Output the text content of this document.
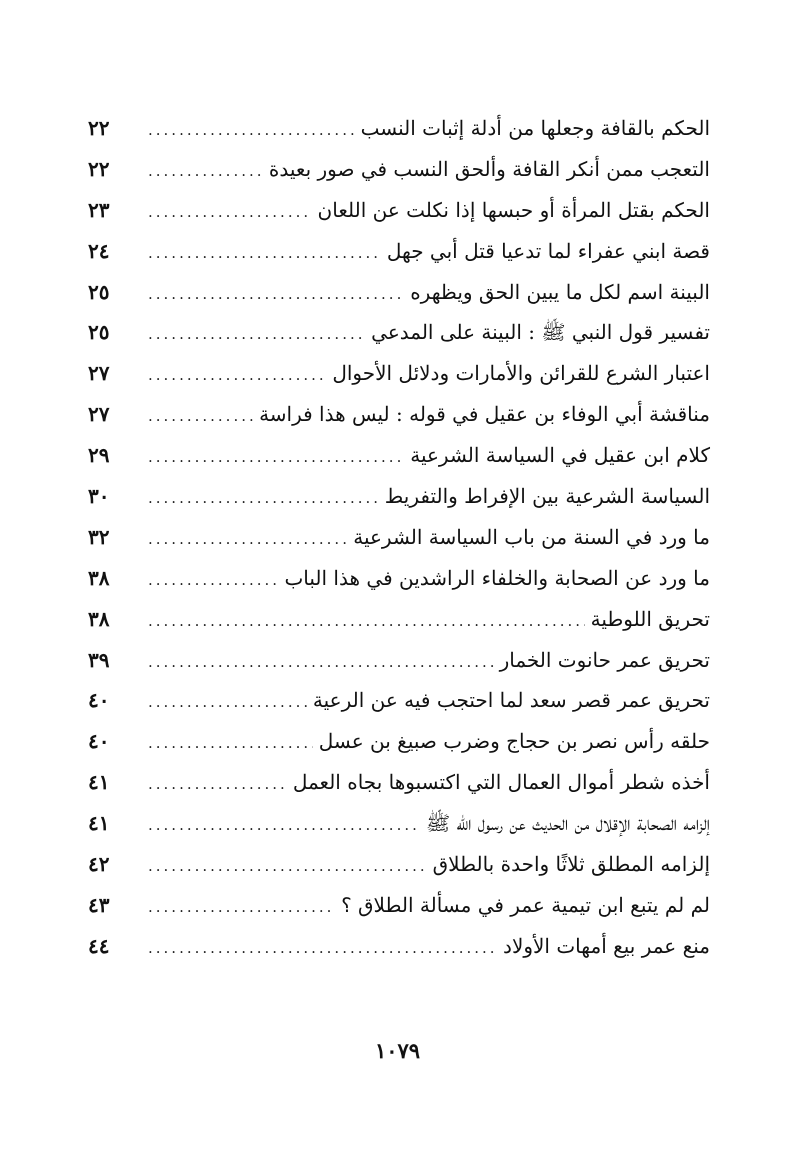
الحكم بالقافة وجعلها من أدلة إثبات النسب
.....
٢٢
التعجب ممن أنكر القافة وألحق النسب في صور بعيدة
.....
٢٢
الحكم بقتل المرأة أو حبسها إذا نكلت عن اللعان
.....
٢٣
قصة ابني عفراء لما تدعيا قتل أبي جهل
.....
٢٤
البينة اسم لكل ما يبين الحق ويظهره
.....
٢٥
تفسير قول النبي ﷺ : البينة على المدعي
.....
٢٥
اعتبار الشرع للقرائن والأمارات ودلائل الأحوال
.....
٢٧
مناقشة أبي الوفاء بن عقيل في قوله : ليس هذا فراسة
.....
٢٧
كلام ابن عقيل في السياسة الشرعية
.....
٢٩
السياسة الشرعية بين الإفراط والتفريط
.....
٣٠
ما ورد في السنة من باب السياسة الشرعية
.....
٣٢
ما ورد عن الصحابة والخلفاء الراشدين في هذا الباب
.....
٣٨
تحريق اللوطية
.....
٣٨
تحريق عمر حانوت الخمار
.....
٣٩
تحريق عمر قصر سعد لما احتجب فيه عن الرعية
.....
٤٠
حلقه رأس نصر بن حجاج وضرب صبيغ بن عسل
.....
٤٠
أخذه شطر أموال العمال التي اكتسبوها بجاه العمل
.....
٤١
إلزامه الصحابة الإقلال من الحديث عن رسول الله ﷺ
.....
٤١
إلزامه المطلق ثلاثًا واحدة بالطلاق
.....
٤٢
لم لم يتبع ابن تيمية عمر في مسألة الطلاق ؟
.....
٤٣
منع عمر بيع أمهات الأولاد
.....
٤٤
١٠٧٩
